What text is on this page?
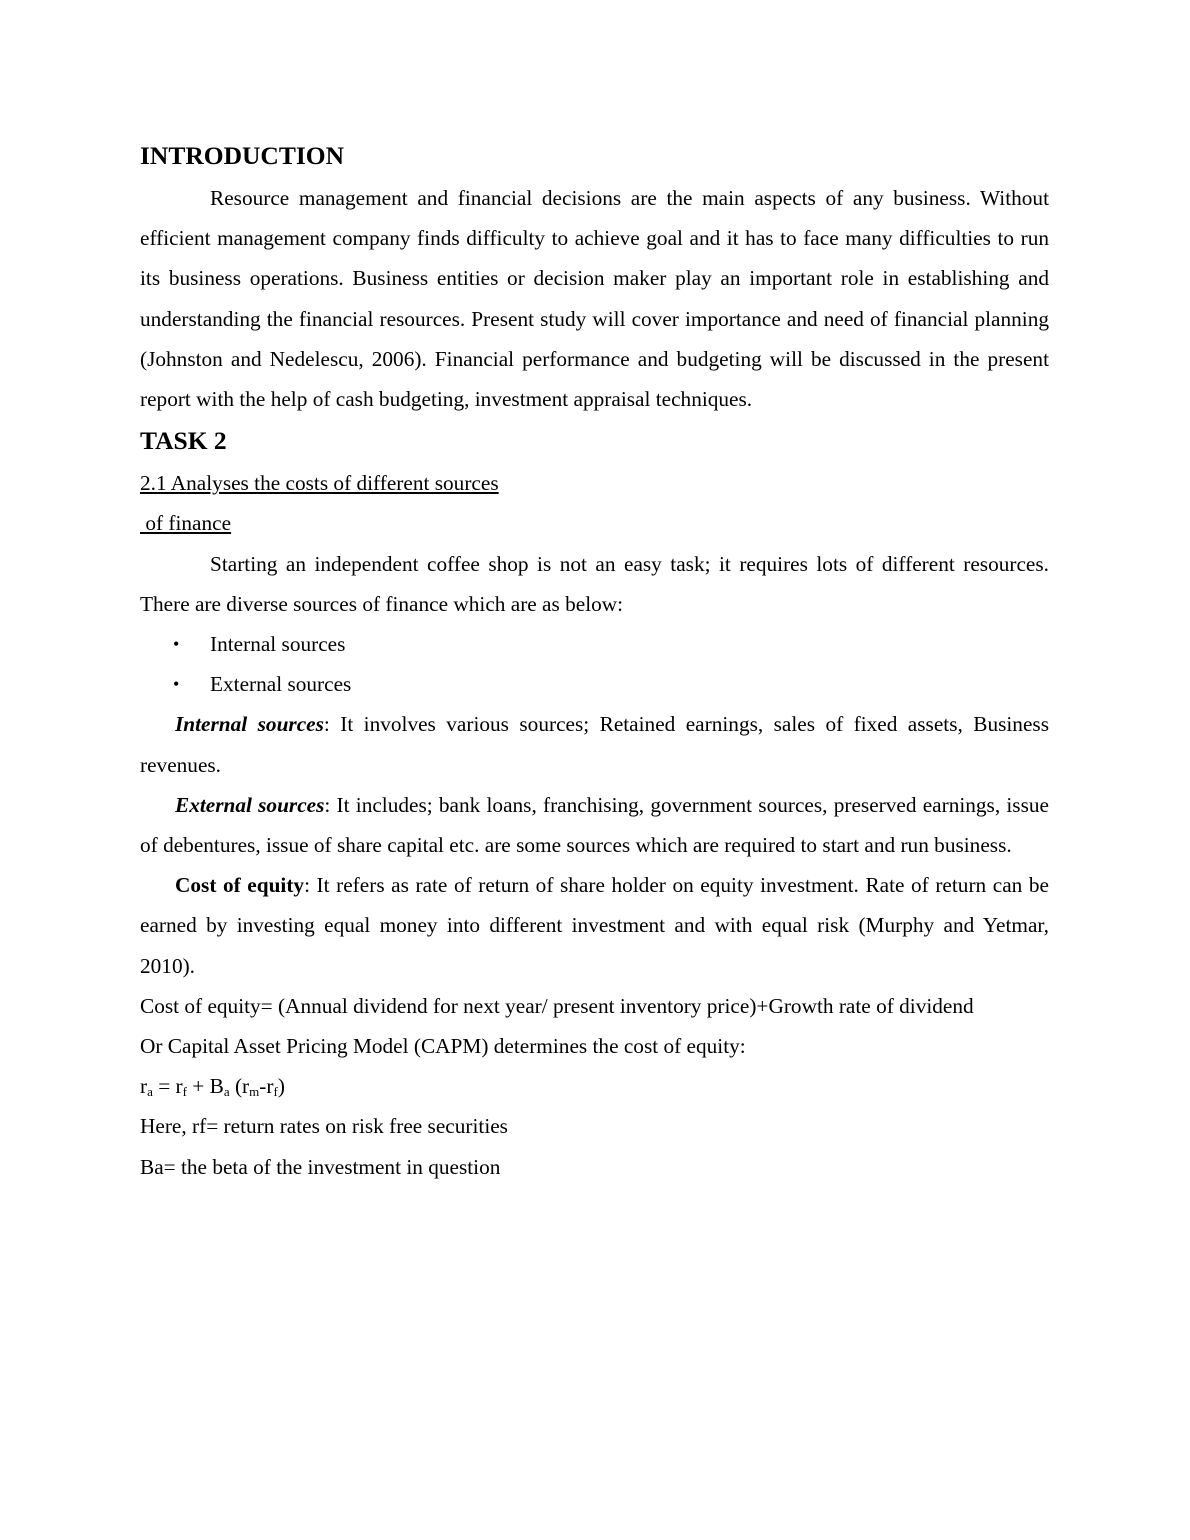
INTRODUCTION

Resource management and financial decisions are the main aspects of any business. Without efficient management company finds difficulty to achieve goal and it has to face many difficulties to run its business operations. Business entities or decision maker play an important role in establishing and understanding the financial resources. Present study will cover importance and need of financial planning (Johnston and Nedelescu, 2006). Financial performance and budgeting will be discussed in the present report with the help of cash budgeting, investment appraisal techniques.

TASK 2
2.1 Analyses the costs of different sources
of finance

Starting an independent coffee shop is not an easy task; it requires lots of different resources. There are diverse sources of finance which are as below:

• Internal sources
• External sources

Internal sources: It involves various sources; Retained earnings, sales of fixed assets, Business revenues.

External sources: It includes; bank loans, franchising, government sources, preserved earnings, issue of debentures, issue of share capital etc. are some sources which are required to start and run business.

Cost of equity: It refers as rate of return of share holder on equity investment. Rate of return can be earned by investing equal money into different investment and with equal risk (Murphy and Yetmar, 2010).

Cost of equity= (Annual dividend for next year/ present inventory price)+Growth rate of dividend

Or Capital Asset Pricing Model (CAPM) determines the cost of equity:
$r_a = r_f + B_a$ $(r_m-r_f)$
Here, rf= return rates on risk free securities
Ba= the beta of the investment in question
